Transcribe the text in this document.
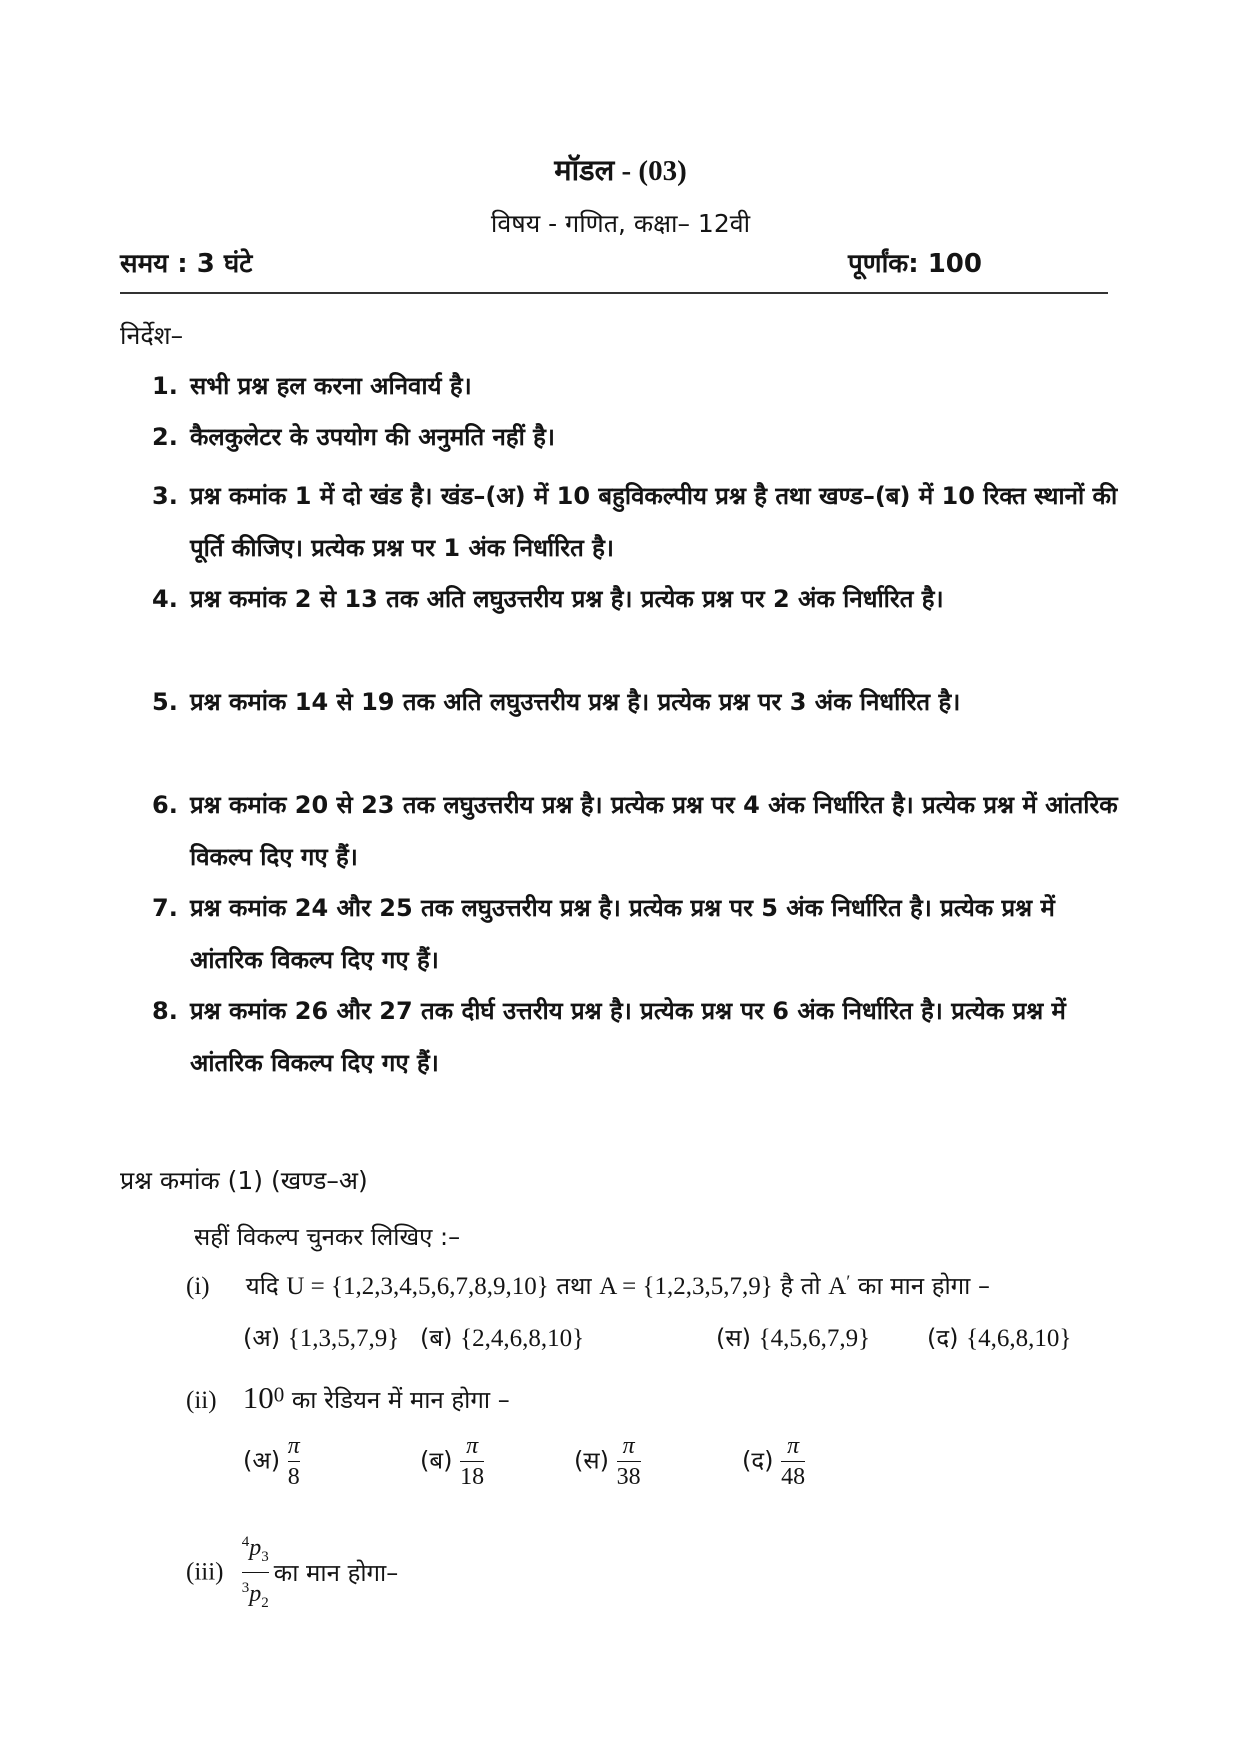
मॉडल - (03)
विषय - गणित, कक्षा– 12वी
समय : 3 घंटे	पूर्णांक: 100
निर्देश–
1. सभी प्रश्न हल करना अनिवार्य है।
2. कैलकुलेटर के उपयोग की अनुमति नहीं है।
3. प्रश्न कमांक 1 में दो खंड है। खंड–(अ) में 10 बहुविकल्पीय प्रश्न है तथा खण्ड–(ब) में 10 रिक्त स्थानों की पूर्ति कीजिए। प्रत्येक प्रश्न पर 1 अंक निर्धारित है।
4. प्रश्न कमांक 2 से 13 तक अति लघुउत्तरीय प्रश्न है। प्रत्येक प्रश्न पर 2 अंक निर्धारित है।
5. प्रश्न कमांक 14 से 19 तक अति लघुउत्तरीय प्रश्न है। प्रत्येक प्रश्न पर 3 अंक निर्धारित है।
6. प्रश्न कमांक 20 से 23 तक लघुउत्तरीय प्रश्न है। प्रत्येक प्रश्न पर 4 अंक निर्धारित है। प्रत्येक प्रश्न में आंतरिक विकल्प दिए गए हैं।
7. प्रश्न कमांक 24 और 25 तक लघुउत्तरीय प्रश्न है। प्रत्येक प्रश्न पर 5 अंक निर्धारित है। प्रत्येक प्रश्न में आंतरिक विकल्प दिए गए हैं।
8. प्रश्न कमांक 26 और 27 तक दीर्घ उत्तरीय प्रश्न है। प्रत्येक प्रश्न पर 6 अंक निर्धारित है। प्रत्येक प्रश्न में आंतरिक विकल्प दिए गए हैं।
प्रश्न कमांक (1) (खण्ड–अ)
सहीं विकल्प चुनकर लिखिए :–
(i) यदि U = {1,2,3,4,5,6,7,8,9,10} तथा A = {1,2,3,5,7,9} है तो A′ का मान होगा –
(अ) {1,3,5,7,9} (ब) {2,4,6,8,10}	(स) {4,5,6,7,9} (द) {4,6,8,10}
(ii) $10^0$ का रेडियन में मान होगा –
(अ) $\frac{\pi}{8}$	(ब) $\frac{\pi}{18}$	(स) $\frac{\pi}{38}$	(द) $\frac{\pi}{48}$
$(iii) \frac{^4p_3}{^3p_2}$ का मान होगा–
